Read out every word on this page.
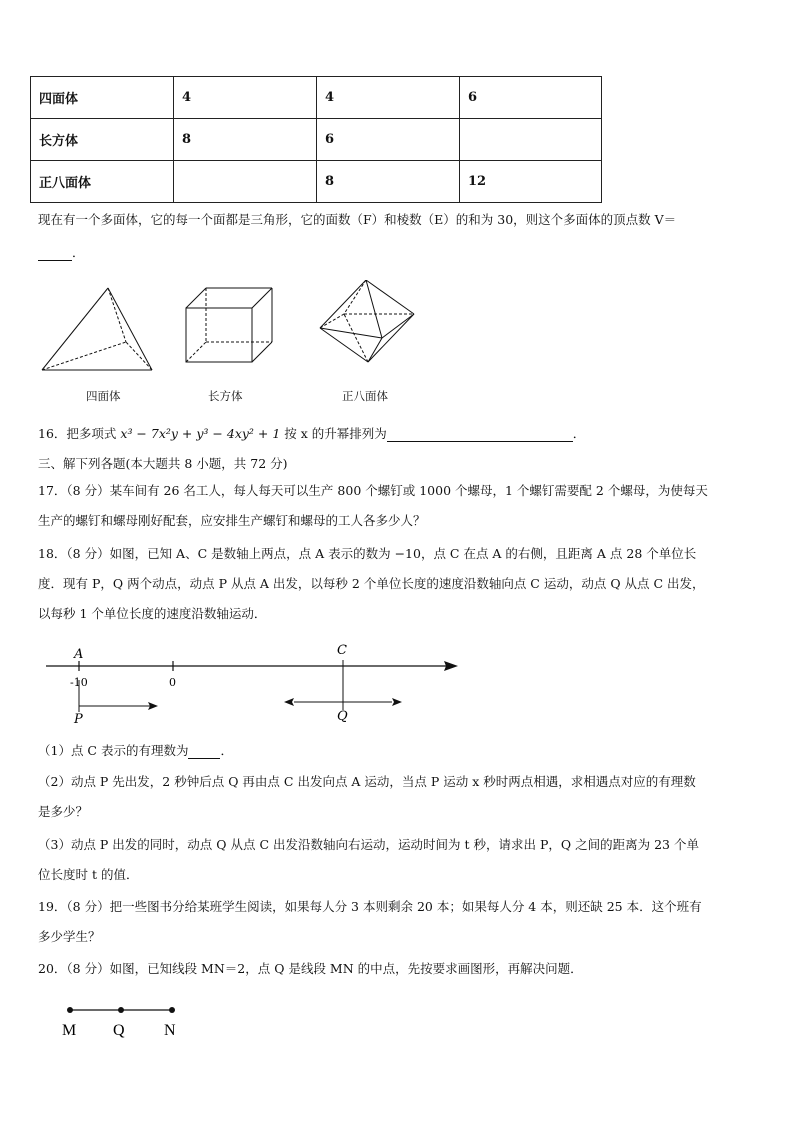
四面体	4	4	6
长方体	8	6	
正八面体		8	12
现在有一个多面体，它的每一个面都是三角形，它的面数（F）和棱数（E）的和为 30，则这个多面体的顶点数 V＝
．
四面体	长方体	正八面体
16．把多项式 x³ − 7x²y + y³ − 4xy² + 1 按 x 的升幂排列为	．
三、解下列各题(本大题共 8 小题，共 72 分)
17．（8 分）某车间有 26 名工人，每人每天可以生产 800 个螺钉或 1000 个螺母，1 个螺钉需要配 2 个螺母，为使每天
生产的螺钉和螺母刚好配套，应安排生产螺钉和螺母的工人各多少人？
18．（8 分）如图，已知 A、C 是数轴上两点，点 A 表示的数为 −10，点 C 在点 A 的右侧，且距离 A 点 28 个单位长
度．现有 P，Q 两个动点，动点 P 从点 A 出发，以每秒 2 个单位长度的速度沿数轴向点 C 运动，动点 Q 从点 C 出发，
以每秒 1 个单位长度的速度沿数轴运动．
A
-10	0
C
P	Q
（1）点 C 表示的有理数为	．
（2）动点 P 先出发，2 秒钟后点 Q 再由点 C 出发向点 A 运动，当点 P 运动 x 秒时两点相遇，求相遇点对应的有理数
是多少？
（3）动点 P 出发的同时，动点 Q 从点 C 出发沿数轴向右运动，运动时间为 t 秒，请求出 P，Q 之间的距离为 23 个单
位长度时 t 的值．
19．（8 分）把一些图书分给某班学生阅读，如果每人分 3 本则剩余 20 本；如果每人分 4 本，则还缺 25 本．这个班有
多少学生？
20．（8 分）如图，已知线段 MN＝2，点 Q 是线段 MN 的中点，先按要求画图形，再解决问题．
M Q N
